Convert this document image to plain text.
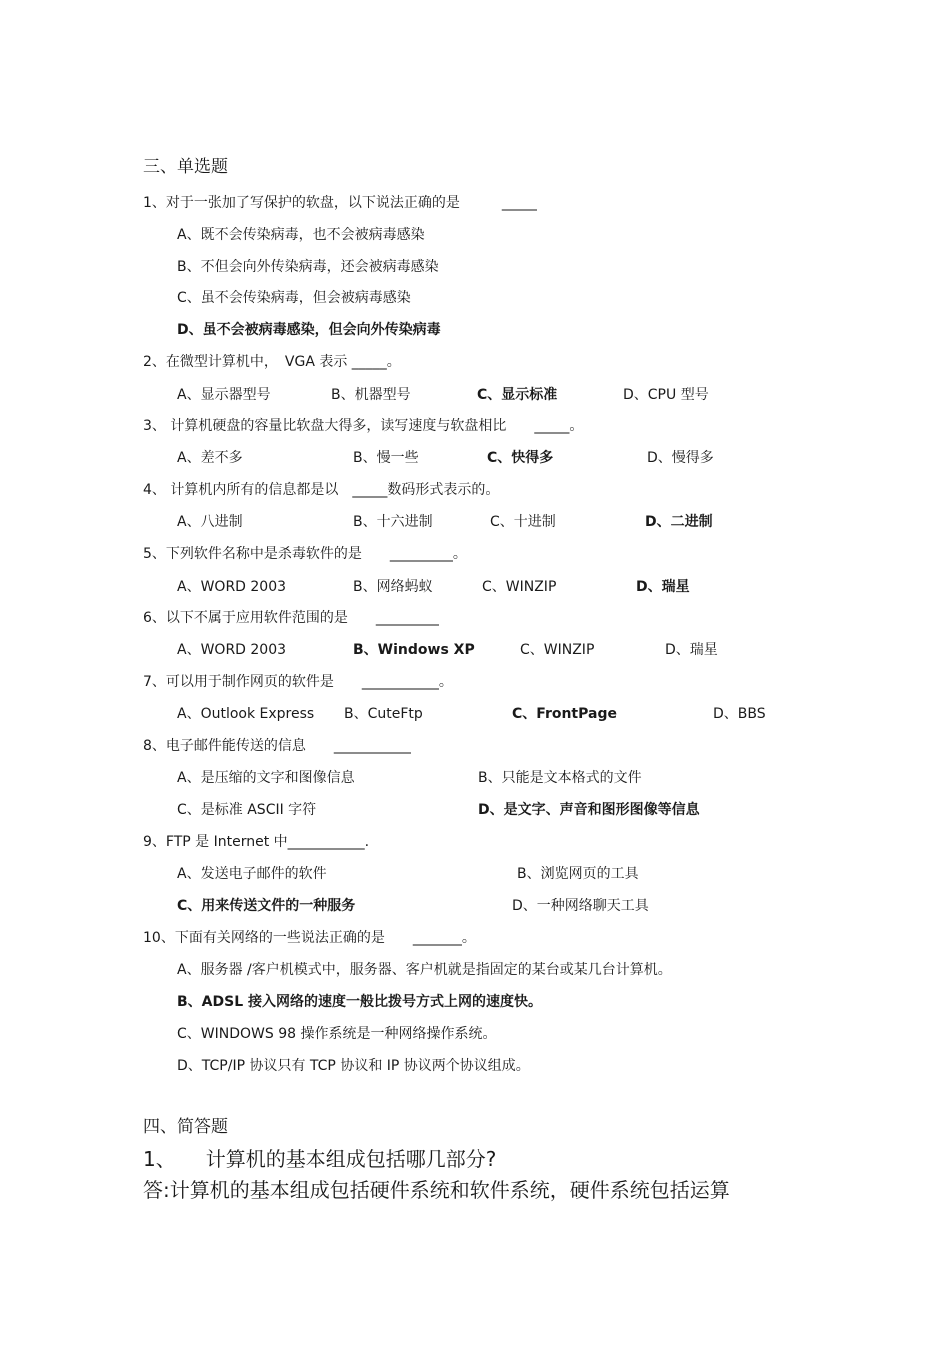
三、单选题
1、对于一张加了写保护的软盘，以下说法正确的是　　　_____
A、既不会传染病毒，也不会被病毒感染
B、不但会向外传染病毒，还会被病毒感染
C、虽不会传染病毒，但会被病毒感染
D、虽不会被病毒感染，但会向外传染病毒
2、在微型计算机中，　VGA 表示 _____。
A、显示器型号	B、机器型号	C、显示标准	D、CPU 型号
3、 计算机硬盘的容量比软盘大得多，读写速度与软盘相比　　_____。
A、差不多	B、慢一些	C、快得多	D、慢得多
4、 计算机内所有的信息都是以　_____数码形式表示的。
A、八进制	B、十六进制	C、十进制	D、二进制
5、下列软件名称中是杀毒软件的是　　_________。
A、WORD 2003	B、网络蚂蚁	C、WINZIP	D、瑞星
6、以下不属于应用软件范围的是　　_________
A、WORD 2003	B、Windows XP	C、WINZIP	D、瑞星
7、可以用于制作网页的软件是　　___________。
A、Outlook Express B、CuteFtp	C、FrontPage	D、BBS
8、电子邮件能传送的信息　　___________
A、是压缩的文字和图像信息	B、只能是文本格式的文件
C、是标准 ASCII 字符	D、是文字、声音和图形图像等信息
9、FTP 是 Internet 中___________.
A、发送电子邮件的软件	B、浏览网页的工具
C、用来传送文件的一种服务	D、一种网络聊天工具
10、下面有关网络的一些说法正确的是　　_______。
A、服务器 /客户机模式中，服务器、客户机就是指固定的某台或某几台计算机。
B、ADSL 接入网络的速度一般比拨号方式上网的速度快。
C、WINDOWS 98 操作系统是一种网络操作系统。
D、TCP/IP 协议只有 TCP 协议和 IP 协议两个协议组成。
四、简答题
1、　　计算机的基本组成包括哪几部分?
答:计算机的基本组成包括硬件系统和软件系统，硬件系统包括运算
